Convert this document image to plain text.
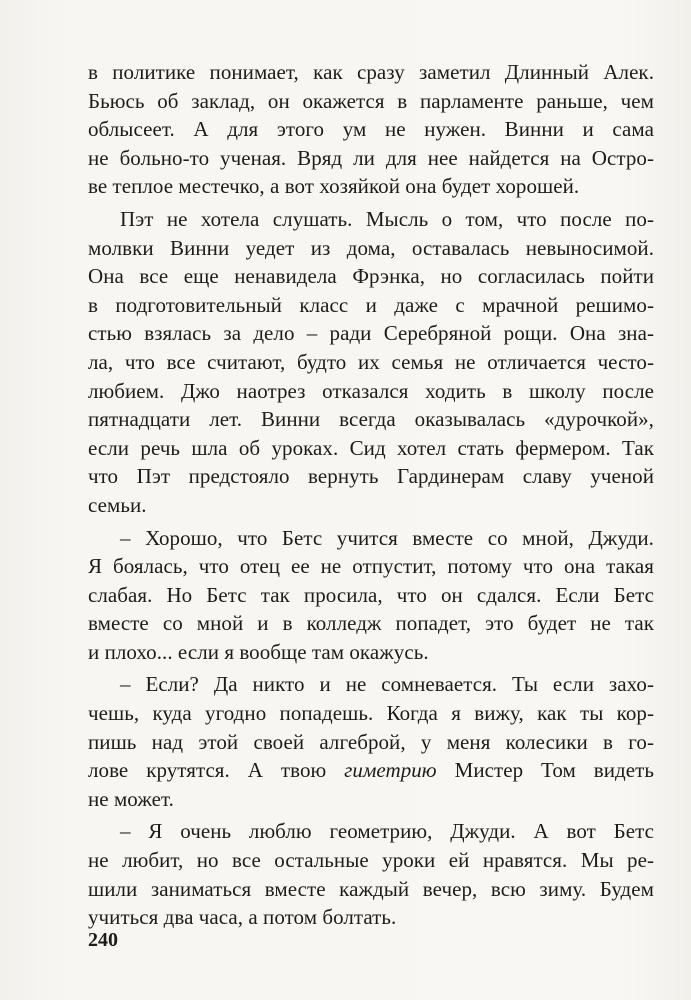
в политике понимает, как сразу заметил Длинный Алек.
Бьюсь об заклад, он окажется в парламенте раньше, чем
облысеет. А для этого ум не нужен. Винни и сама
не больно-то ученая. Вряд ли для нее найдется на Остро-
ве теплое местечко, а вот хозяйкой она будет хорошей.
Пэт не хотела слушать. Мысль о том, что после по-
молвки Винни уедет из дома, оставалась невыносимой.
Она все еще ненавидела Фрэнка, но согласилась пойти
в подготовительный класс и даже с мрачной решимо-
стью взялась за дело – ради Серебряной рощи. Она зна-
ла, что все считают, будто их семья не отличается често-
любием. Джо наотрез отказался ходить в школу после
пятнадцати лет. Винни всегда оказывалась «дурочкой»,
если речь шла об уроках. Сид хотел стать фермером. Так
что Пэт предстояло вернуть Гардинерам славу ученой
семьи.
– Хорошо, что Бетс учится вместе со мной, Джуди.
Я боялась, что отец ее не отпустит, потому что она такая
слабая. Но Бетс так просила, что он сдался. Если Бетс
вместе со мной и в колледж попадет, это будет не так
и плохо... если я вообще там окажусь.
– Если? Да никто и не сомневается. Ты если захо-
чешь, куда угодно попадешь. Когда я вижу, как ты кор-
пишь над этой своей алгеброй, у меня колесики в го-
лове крутятся. А твою гиметрию Мистер Том видеть
не может.
– Я очень люблю геометрию, Джуди. А вот Бетс
не любит, но все остальные уроки ей нравятся. Мы ре-
шили заниматься вместе каждый вечер, всю зиму. Будем
учиться два часа, а потом болтать.
240
